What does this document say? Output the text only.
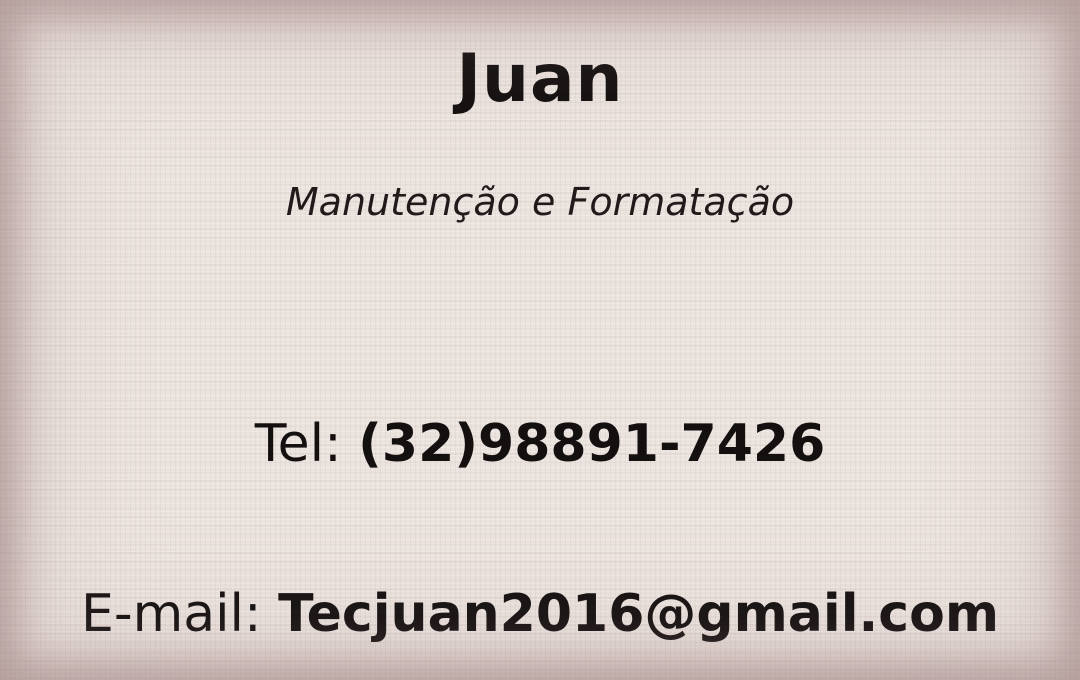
Juan
Manutenção e Formatação
Tel: (32)98891-7426
E-mail: Tecjuan2016@gmail.com
